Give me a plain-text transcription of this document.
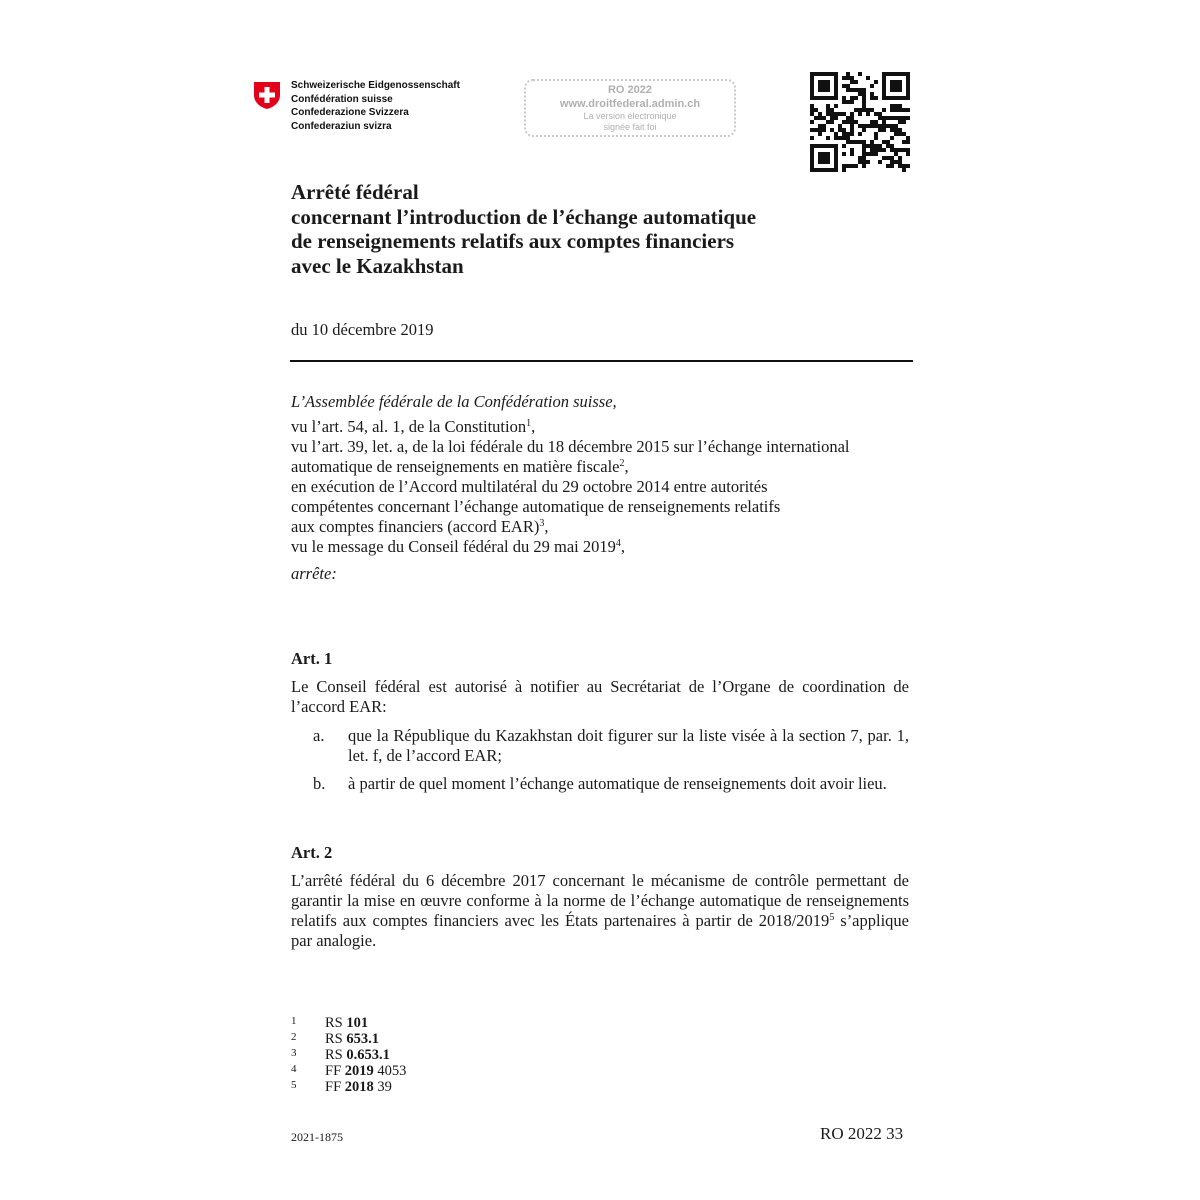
Schweizerische Eidgenossenschaft
Confédération suisse
Confederazione Svizzera
Confederaziun svizra
RO 2022
www.droitfederal.admin.ch
La version électronique
signée fait foi
Arrêté fédéral
concernant l’introduction de l’échange automatique
de renseignements relatifs aux comptes financiers
avec le Kazakhstan
du 10 décembre 2019
L’Assemblée fédérale de la Confédération suisse,
vu l’art. 54, al. 1, de la Constitution$^1$,
vu l’art. 39, let. a, de la loi fédérale du 18 décembre 2015 sur l’échange international
automatique de renseignements en matière fiscale$^2$,
en exécution de l’Accord multilatéral du 29 octobre 2014 entre autorités
compétentes concernant l’échange automatique de renseignements relatifs
aux comptes financiers (accord EAR)$^3$,
vu le message du Conseil fédéral du 29 mai 2019$^4$,
arrête:
Art. 1
Le Conseil fédéral est autorisé à notifier au Secrétariat de l’Organe de coordination de l’accord EAR:
a. que la République du Kazakhstan doit figurer sur la liste visée à la section 7, par. 1, let. f, de l’accord EAR;
b. à partir de quel moment l’échange automatique de renseignements doit avoir lieu.
Art. 2
L’arrêté fédéral du 6 décembre 2017 concernant le mécanisme de contrôle permettant de garantir la mise en œuvre conforme à la norme de l’échange automatique de renseignements relatifs aux comptes financiers avec les États partenaires à partir de 2018/2019$^5$ s’applique par analogie.
1 RS 101
2 RS 653.1
3 RS 0.653.1
4 FF 2019 4053
5 FF 2018 39
2021-1875	RO 2022 33
